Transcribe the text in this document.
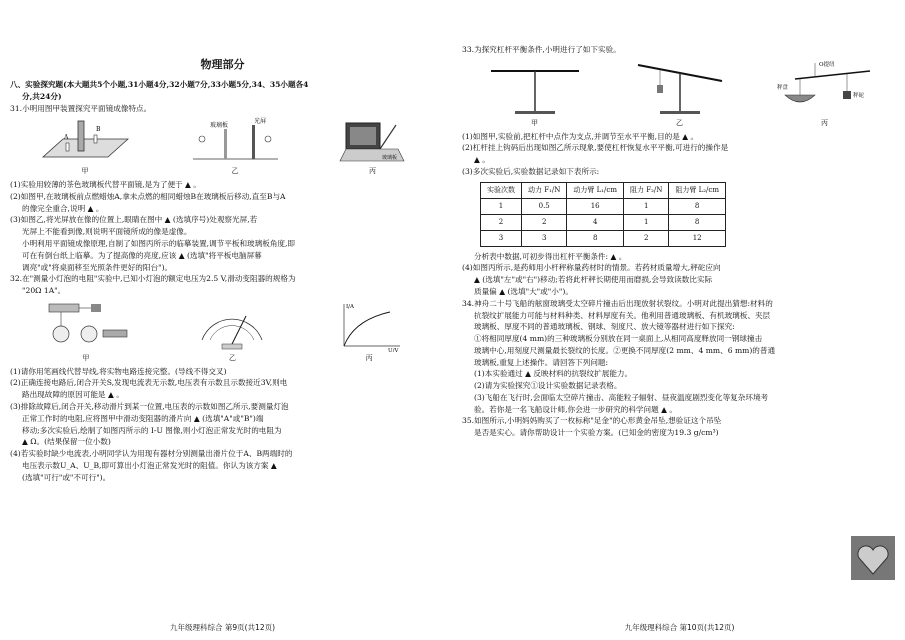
物理部分

八、实验探究题(本大题共5个小题,31小题4分,32小题7分,33小题5分,34、35小题各4

分,共24分)

31.小明用图甲装置探究平面镜成像特点。

A
B
甲
玻璃板
光屏
乙
玻璃板
丙

(1)实验用较薄的茶色玻璃板代替平面镜,是为了便于 ▲ 。

(2)如图甲,在玻璃板前点燃蜡烛A,拿未点燃的相同蜡烛B在玻璃板后移动,直至B与A

的像完全重合,说明 ▲ 。

(3)如图乙,将光屏放在像的位置上,眼睛在图中 ▲ (选填序号)处观察光屏,若

光屏上不能看到像,则说明平面镜所成的像是虚像。

小明利用平面镜成像原理,自制了如图丙所示的临摹装置,调节平板和玻璃板角度,即

可在有倒台纸上临摹。为了提高像的亮度,应该 ▲ (选填"将平板电脑屏幕

调亮"或"将桌面移至光照条件更好的阳台")。

32.在"测量小灯泡的电阻"实验中,已知小灯泡的额定电压为2.5 V,滑动变阻器的规格为

"20Ω 1A"。

甲	乙
I/A
U/V
丙

(1)请你用笔画线代替导线,将实物电路连接完整。(导线不得交叉)

(2)正确连接电路后,闭合开关S,发现电流表无示数,电压表有示数且示数接近3V,则电

路出现故障的原因可能是 ▲ 。

(3)排除故障后,闭合开关,移动滑片到某一位置,电压表的示数如图乙所示,要测量灯泡

正常工作时的电阻,应将图甲中滑动变阻器的滑片向 ▲ (选填"A"或"B")端

移动;多次实验后,绘制了如图丙所示的 I-U 图像,则小灯泡正常发光时的电阻为

▲ Ω。(结果保留一位小数)

(4)若实验时缺少电流表,小明同学认为用现有器材分别测量出滑片位于A、B两端时的

电压表示数U_A、U_B,即可算出小灯泡正常发光时的阻值。你认为该方案 ▲

(选填"可行"或"不可行")。

九年级理科综合 第9页(共12页)

33.为探究杠杆平衡条件,小明进行了如下实验。

甲	乙
O提纽
秤盘
秤砣
丙

(1)如图甲,实验前,把杠杆中点作为支点,并调节至水平平衡,目的是 ▲ 。

(2)杠杆挂上钩码后出现如图乙所示现象,要使杠杆恢复水平平衡,可进行的操作是

▲ 。

(3)多次实验后,实验数据记录如下表所示:

实验次数	动力 F₁/N	动力臂 L₁/cm	阻力 F₂/N	阻力臂 L₂/cm
1	0.5	16	1	8
2	2	4	1	8
3	3	8	2	12

分析表中数据,可初步得出杠杆平衡条件: ▲ 。

(4)如图丙所示,是药师用小杆秤称量药材时的情景。若药材质量增大,秤砣应向

▲ (选填"左"或"右")移动;若将此杆秤长期使用而磨损,会导致读数比实际

质量偏 ▲ (选填"大"或"小")。

34.神舟二十号飞船的舷窗玻璃受太空碎片撞击后出现放射状裂纹。小明对此提出猜想:材料的

抗裂纹扩展能力可能与材料种类、材料厚度有关。他利用普通玻璃板、有机玻璃板、夹层

玻璃板、厚度不同的普通玻璃板、钢球、刻度尺、放大镜等器材进行如下探究:

①将相同厚度(4 mm)的三种玻璃板分别放在同一桌面上,从相同高度释放同一钢球撞击

玻璃中心,用刻度尺测量最长裂纹的长度。②更换不同厚度(2 mm、4 mm、6 mm)的普通

玻璃板,重复上述操作。请回答下列问题:

(1)本实验通过 ▲ 反映材料的抗裂纹扩展能力。

(2)请为实验探究①设计实验数据记录表格。

(3)飞船在飞行时,会面临太空碎片撞击、高能粒子辐射、昼夜温度剧烈变化等复杂环境考

验。若你是一名飞船设计师,你会进一步研究的科学问题 ▲ 。

35.如图所示,小明妈妈购买了一枚标称"足金"的心形黄金吊坠,想验证这个吊坠

是否是实心。请你帮助设计一个实验方案。(已知金的密度为19.3 g/cm³)

九年级理科综合 第10页(共12页)
